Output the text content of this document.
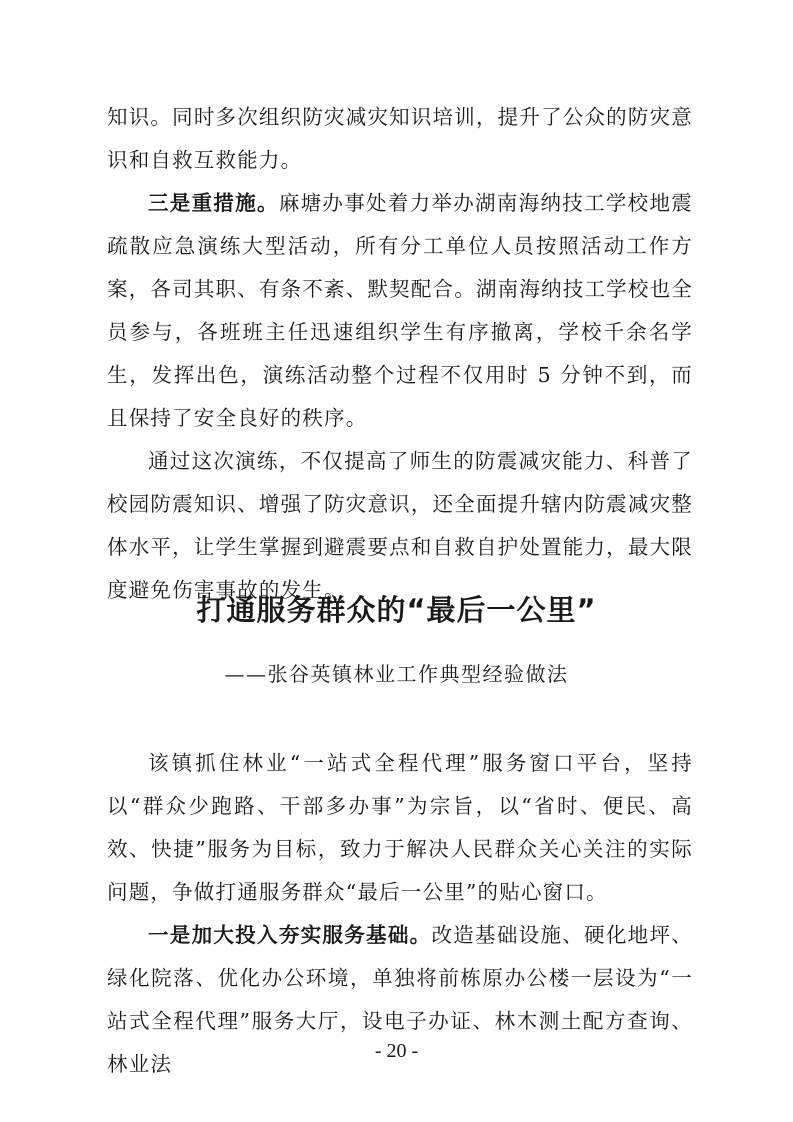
知识。同时多次组织防灾减灾知识培训，提升了公众的防灾意识和自救互救能力。

三是重措施。麻塘办事处着力举办湖南海纳技工学校地震疏散应急演练大型活动，所有分工单位人员按照活动工作方案，各司其职、有条不紊、默契配合。湖南海纳技工学校也全员参与，各班班主任迅速组织学生有序撤离，学校千余名学生，发挥出色，演练活动整个过程不仅用时 5 分钟不到，而且保持了安全良好的秩序。

通过这次演练，不仅提高了师生的防震减灾能力、科普了校园防震知识、增强了防灾意识，还全面提升辖内防震减灾整体水平，让学生掌握到避震要点和自救自护处置能力，最大限度避免伤害事故的发生。

打通服务群众的“最后一公里”
——张谷英镇林业工作典型经验做法

该镇抓住林业“一站式全程代理”服务窗口平台，坚持以“群众少跑路、干部多办事”为宗旨，以“省时、便民、高效、快捷”服务为目标，致力于解决人民群众关心关注的实际问题，争做打通服务群众“最后一公里”的贴心窗口。

一是加大投入夯实服务基础。改造基础设施、硬化地坪、绿化院落、优化办公环境，单独将前栋原办公楼一层设为“一站式全程代理”服务大厅，设电子办证、林木测土配方查询、林业法

- 20 -
